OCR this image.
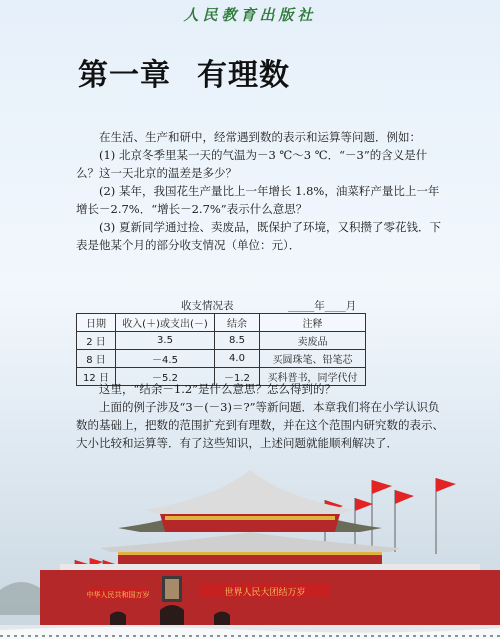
人民教育出版社
第一章 有理数

在生活、生产和研中，经常遇到数的表示和运算等问题．例如：

(1) 北京冬季里某一天的气温为－3 ℃～3 ℃．“－3”的含义是什么？这一天北京的温差是多少？

(2) 某年，我国花生产量比上一年增长 1.8%，油菜籽产量比上一年增长－2.7%．“增长－2.7%”表示什么意思？

(3) 夏新同学通过捡、卖废品，既保护了环境，又积攒了零花钱．下表是他某个月的部分收支情况（单位：元）．

收支情况表	_____年____月
日期	收入(＋)或支出(－)	结余	注释
2 日	3.5	8.5	卖废品
8 日	－4.5	4.0	买圆珠笔、铅笔芯
12 日	－5.2	－1.2	买科普书，同学代付

这里，“结余－1.2”是什么意思？怎么得到的？

上面的例子涉及“3－(－3)＝?”等新问题．本章我们将在小学认识负数的基础上，把数的范围扩充到有理数，并在这个范围内研究数的表示、大小比较和运算等．有了这些知识，上述问题就能顺利解决了．

中华人民共和国万岁	世界人民大团结万岁
